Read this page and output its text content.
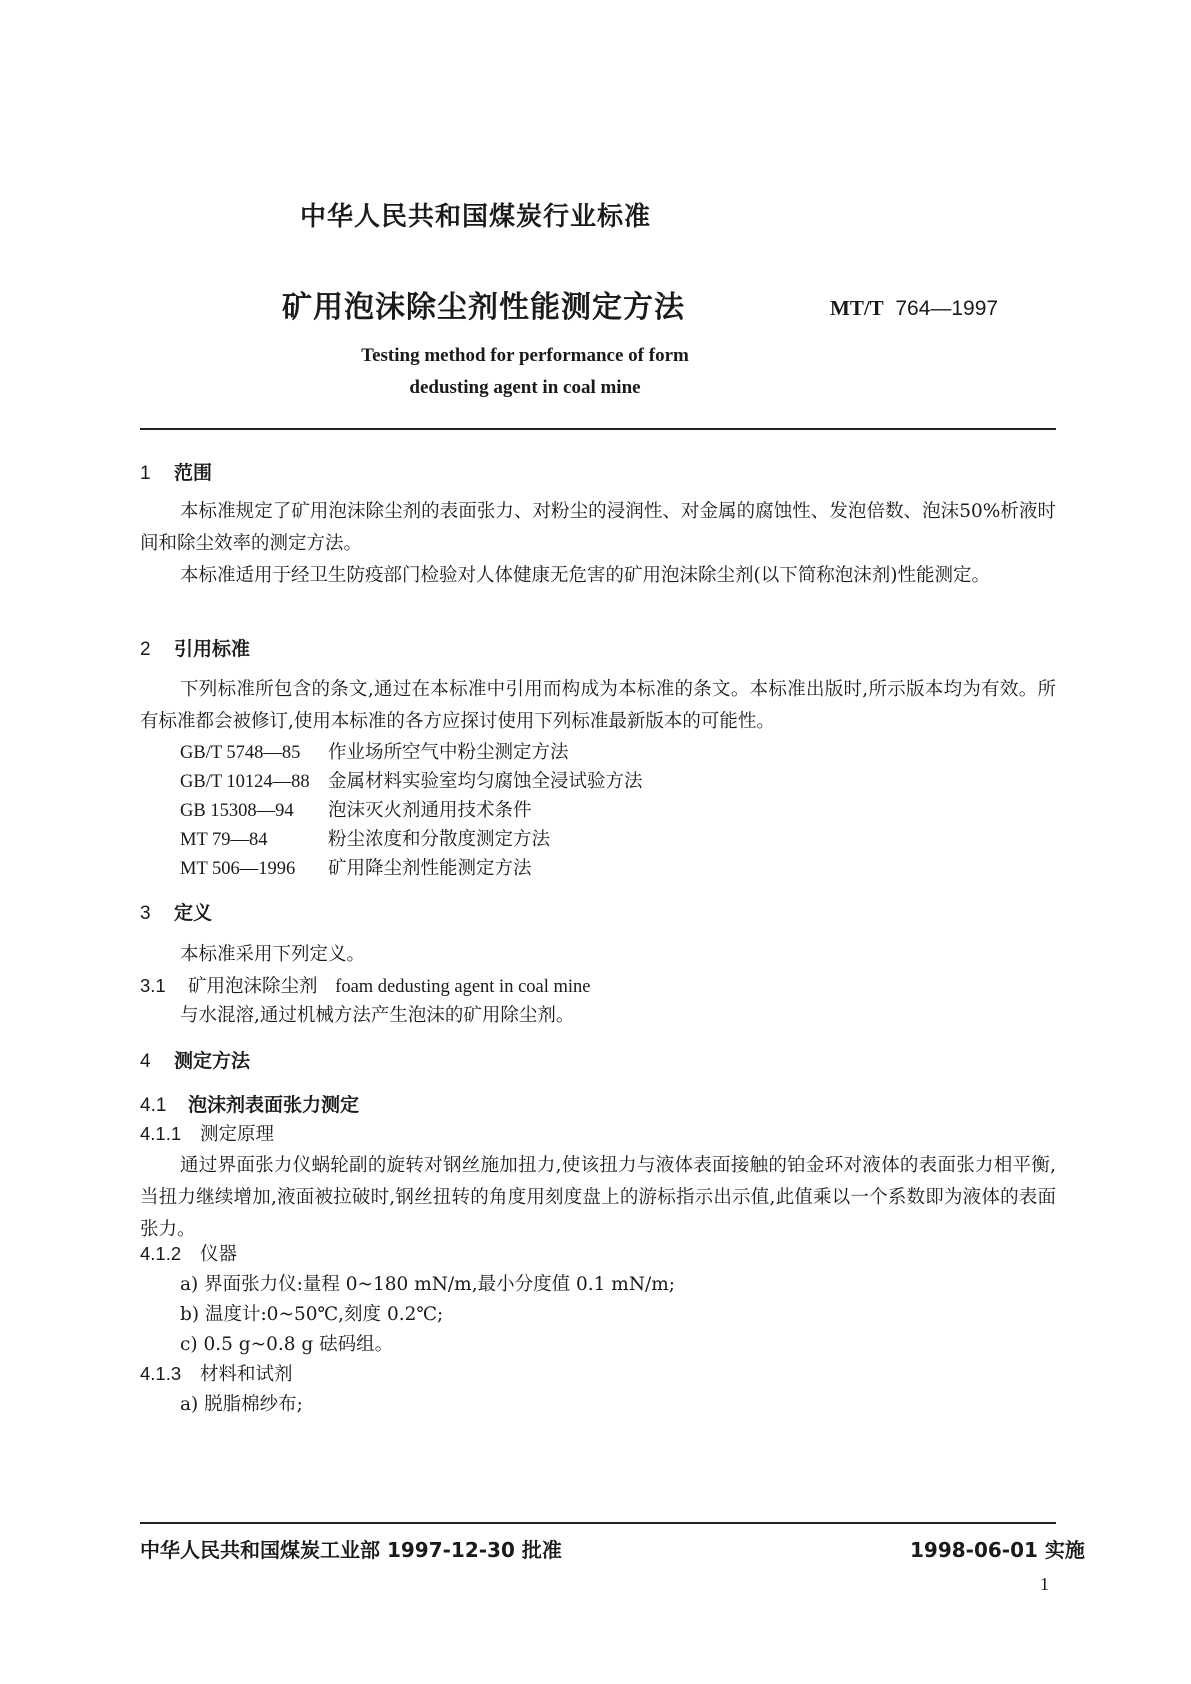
中华人民共和国煤炭行业标准
矿用泡沫除尘剂性能测定方法	MT/T 764—1997
Testing method for performance of form
dedusting agent in coal mine
1 范围
本标准规定了矿用泡沫除尘剂的表面张力、对粉尘的浸润性、对金属的腐蚀性、发泡倍数、泡沫50%析液时间和除尘效率的测定方法。
本标准适用于经卫生防疫部门检验对人体健康无危害的矿用泡沫除尘剂(以下简称泡沫剂)性能测定。
2 引用标准
下列标准所包含的条文,通过在本标准中引用而构成为本标准的条文。本标准出版时,所示版本均为有效。所有标准都会被修订,使用本标准的各方应探讨使用下列标准最新版本的可能性。
GB/T 5748—85 作业场所空气中粉尘测定方法
GB/T 10124—88 金属材料实验室均匀腐蚀全浸试验方法
GB 15308—94 泡沫灭火剂通用技术条件
MT 79—84	粉尘浓度和分散度测定方法
MT 506—1996 矿用降尘剂性能测定方法
3 定义
本标准采用下列定义。
3.1 矿用泡沫除尘剂 foam dedusting agent in coal mine
与水混溶,通过机械方法产生泡沫的矿用除尘剂。
4 测定方法
4.1 泡沫剂表面张力测定
4.1.1 测定原理
通过界面张力仪蜗轮副的旋转对钢丝施加扭力,使该扭力与液体表面接触的铂金环对液体的表面张力相平衡,当扭力继续增加,液面被拉破时,钢丝扭转的角度用刻度盘上的游标指示出示值,此值乘以一个系数即为液体的表面张力。
4.1.2 仪器
a) 界面张力仪:量程 0~180 mN/m,最小分度值 0.1 mN/m;
b) 温度计:0~50℃,刻度 0.2℃;
c) 0.5 g~0.8 g 砝码组。
4.1.3 材料和试剂
a) 脱脂棉纱布;
中华人民共和国煤炭工业部 1997-12-30 批准	1998-06-01 实施
1
